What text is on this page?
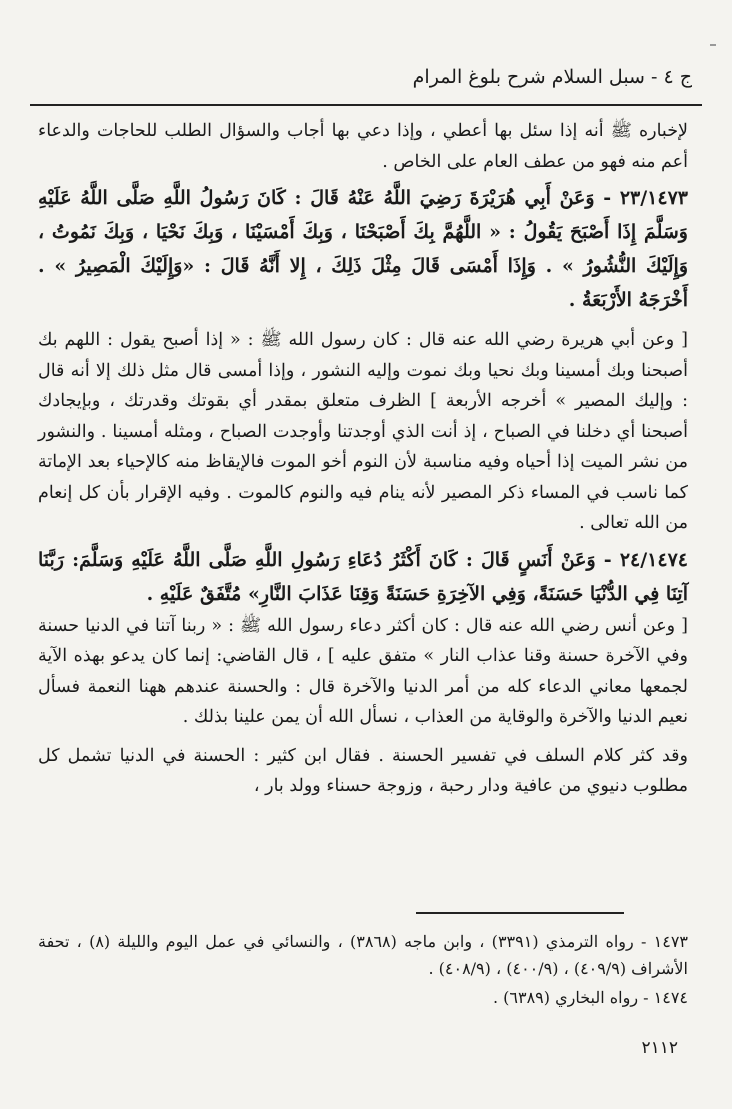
ج ٤ - سبل السلام شرح بلوغ المرام

لإخباره ﷺ أنه إذا سئل بها أعطي ، وإذا دعي بها أجاب والسؤال الطلب للحاجات والدعاء أعم منه فهو من عطف العام على الخاص .

٢٣/١٤٧٣ - وَعَنْ أَبِي هُرَيْرَةَ رَضِيَ اللَّهُ عَنْهُ قَالَ : كَانَ رَسُولُ اللَّهِ صَلَّى اللَّهُ عَلَيْهِ وَسَلَّمَ إِذَا أَصْبَحَ يَقُولُ : « اللَّهُمَّ بِكَ أَصْبَحْنَا ، وَبِكَ أَمْسَيْنَا ، وَبِكَ نَحْيَا ، وَبِكَ نَمُوتُ ، وَإِلَيْكَ النُّشُورُ » . وَإِذَا أَمْسَى قَالَ مِثْلَ ذَلِكَ ، إِلا أَنَّهُ قَالَ : «وَإِلَيْكَ الْمَصِيرُ » . أَخْرَجَهُ الأَرْبَعَةُ .

[ وعن أبي هريرة رضي الله عنه قال : كان رسول الله ﷺ : « إذا أصبح يقول : اللهم بك أصبحنا وبك أمسينا وبك نحيا وبك نموت وإليه النشور ، وإذا أمسى قال مثل ذلك إلا أنه قال : وإليك المصير » أخرجه الأربعة ] الظرف متعلق بمقدر أي بقوتك وقدرتك ، وبإيجادك أصبحنا أي دخلنا في الصباح ، إذ أنت الذي أوجدتنا وأوجدت الصباح ، ومثله أمسينا . والنشور من نشر الميت إذا أحياه وفيه مناسبة لأن النوم أخو الموت فالإيقاظ منه كالإحياء بعد الإماتة كما ناسب في المساء ذكر المصير لأنه ينام فيه والنوم كالموت . وفيه الإقرار بأن كل إنعام من الله تعالى .

٢٤/١٤٧٤ - وَعَنْ أَنَسٍ قَالَ : كَانَ أَكْثَرُ دُعَاءِ رَسُولِ اللَّهِ صَلَّى اللَّهُ عَلَيْهِ وَسَلَّمَ: رَبَّنَا آتِنَا فِي الدُّنْيَا حَسَنَةً، وَفِي الآخِرَةِ حَسَنَةً وَقِنَا عَذَابَ النَّارِ» مُتَّفَقٌ عَلَيْهِ .

[ وعن أنس رضي الله عنه قال : كان أكثر دعاء رسول الله ﷺ : « ربنا آتنا في الدنيا حسنة وفي الآخرة حسنة وقنا عذاب النار » متفق عليه ] ، قال القاضي: إنما كان يدعو بهذه الآية لجمعها معاني الدعاء كله من أمر الدنيا والآخرة قال : والحسنة عندهم ههنا النعمة فسأل نعيم الدنيا والآخرة والوقاية من العذاب ، نسأل الله أن يمن علينا بذلك .

وقد كثر كلام السلف في تفسير الحسنة . فقال ابن كثير : الحسنة في الدنيا تشمل كل مطلوب دنيوي من عافية ودار رحبة ، وزوجة حسناء وولد بار ،

١٤٧٣ - رواه الترمذي (٣٣٩١) ، وابن ماجه (٣٨٦٨) ، والنسائي في عمل اليوم والليلة (٨) ، تحفة الأشراف (٤٠٩/٩) ، (٤٠٠/٩) ، (٤٠٨/٩) .

١٤٧٤ - رواه البخاري (٦٣٨٩) .

٢١١٢
